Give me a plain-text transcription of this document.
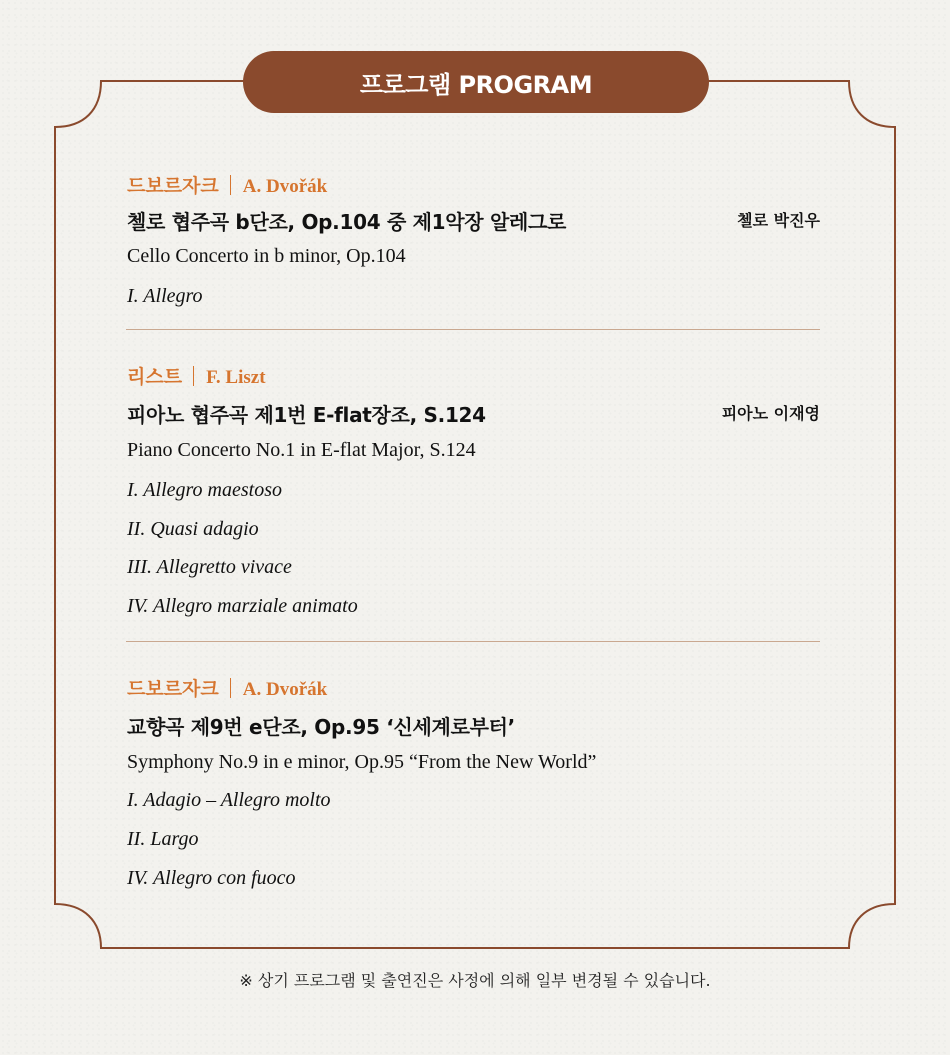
프로그램 PROGRAM
드보르자크 A. Dvořák
첼로 협주곡 b단조, Op.104 중 제1악장 알레그로	첼로 박진우
Cello Concerto in b minor, Op.104
I. Allegro
리스트 F. Liszt
피아노 협주곡 제1번 E-flat장조, S.124	피아노 이재영
Piano Concerto No.1 in E-flat Major, S.124
I. Allegro maestoso
II. Quasi adagio
III. Allegretto vivace
IV. Allegro marziale animato
드보르자크 A. Dvořák
교향곡 제9번 e단조, Op.95 ‘신세계로부터’
Symphony No.9 in e minor, Op.95 “From the New World”
I. Adagio – Allegro molto
II. Largo
IV. Allegro con fuoco
※ 상기 프로그램 및 출연진은 사정에 의해 일부 변경될 수 있습니다.
